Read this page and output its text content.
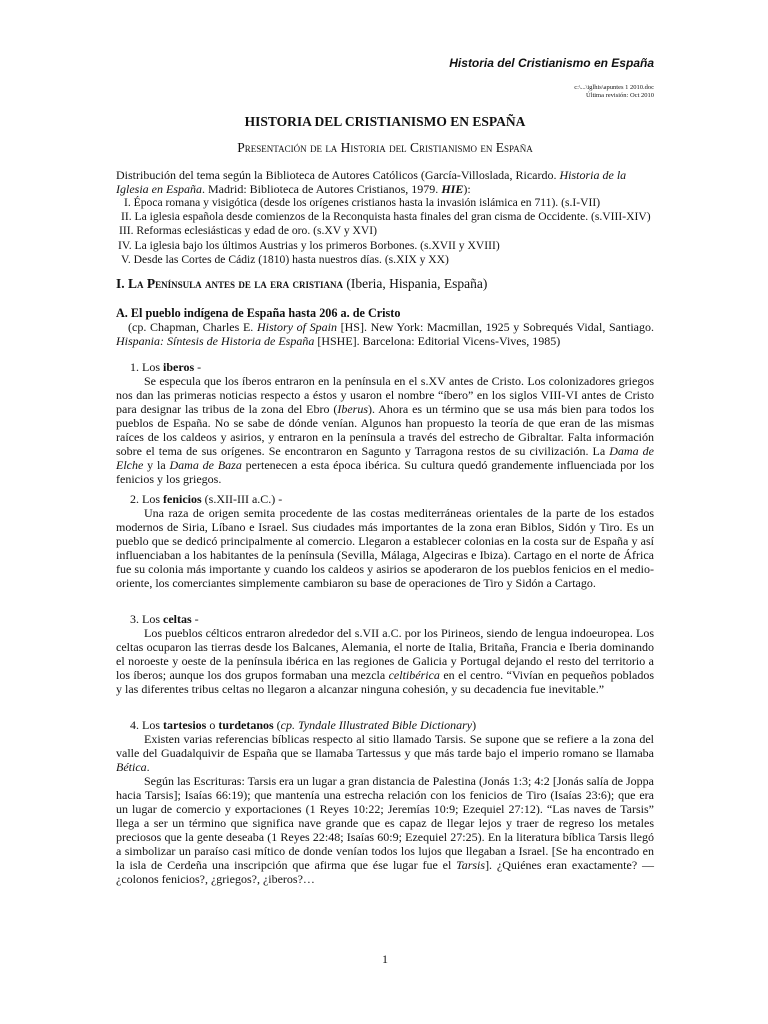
Historia del Cristianismo en España
c:\...\iglhis\apuntes 1 2010.doc
Última revisión: Oct 2010
HISTORIA DEL CRISTIANISMO EN ESPAÑA
Presentación de la Historia del Cristianismo en España
Distribución del tema según la Biblioteca de Autores Católicos (García-Villoslada, Ricardo. Historia de la Iglesia en España. Madrid: Biblioteca de Autores Cristianos, 1979. HIE):
I. Época romana y visigótica (desde los orígenes cristianos hasta la invasión islámica en 711). (s.I-VII)
II. La iglesia española desde comienzos de la Reconquista hasta finales del gran cisma de Occidente. (s.VIII-XIV)
III. Reformas eclesiásticas y edad de oro. (s.XV y XVI)
IV. La iglesia bajo los últimos Austrias y los primeros Borbones. (s.XVII y XVIII)
V. Desde las Cortes de Cádiz (1810) hasta nuestros días. (s.XIX y XX)
I. La Península antes de la era cristiana (Iberia, Hispania, España)
A. El pueblo indígena de España hasta 206 a. de Cristo
(cp. Chapman, Charles E. History of Spain [HS]. New York: Macmillan, 1925 y Sobrequés Vidal, Santiago. Hispania: Síntesis de Historia de España [HSHE]. Barcelona: Editorial Vicens-Vives, 1985)
1. Los iberos -

Se especula que los íberos entraron en la península en el s.XV antes de Cristo. Los colonizadores griegos nos dan las primeras noticias respecto a éstos y usaron el nombre “íbero” en los siglos VIII-VI antes de Cristo para designar las tribus de la zona del Ebro (Iberus). Ahora es un término que se usa más bien para todos los pueblos de España. No se sabe de dónde venían. Algunos han propuesto la teoría de que eran de las mismas raíces de los caldeos y asirios, y entraron en la península a través del estrecho de Gibraltar. Falta información sobre el tema de sus orígenes. Se encontraron en Sagunto y Tarragona restos de su civilización. La Dama de Elche y la Dama de Baza pertenecen a esta época ibérica. Su cultura quedó grandemente influenciada por los fenicios y los griegos.

2. Los fenicios (s.XII-III a.C.) -

Una raza de origen semita procedente de las costas mediterráneas orientales de la parte de los estados modernos de Siria, Líbano e Israel. Sus ciudades más importantes de la zona eran Biblos, Sidón y Tiro. Es un pueblo que se dedicó principalmente al comercio. Llegaron a establecer colonias en la costa sur de España y así influenciaban a los habitantes de la península (Sevilla, Málaga, Algeciras e Ibiza). Cartago en el norte de África fue su colonia más importante y cuando los caldeos y asirios se apoderaron de los pueblos fenicios en el medio-oriente, los comerciantes simplemente cambiaron su base de operaciones de Tiro y Sidón a Cartago.

3. Los celtas -

Los pueblos célticos entraron alrededor del s.VII a.C. por los Pirineos, siendo de lengua indoeuropea. Los celtas ocuparon las tierras desde los Balcanes, Alemania, el norte de Italia, Britaña, Francia e Iberia dominando el noroeste y oeste de la península ibérica en las regiones de Galicia y Portugal dejando el resto del territorio a los íberos; aunque los dos grupos formaban una mezcla celtibérica en el centro. “Vivían en pequeños poblados y las diferentes tribus celtas no llegaron a alcanzar ninguna cohesión, y su decadencia fue inevitable.”

4. Los tartesios o turdetanos (cp. Tyndale Illustrated Bible Dictionary)

Existen varias referencias bíblicas respecto al sitio llamado Tarsis. Se supone que se refiere a la zona del valle del Guadalquivir de España que se llamaba Tartessus y que más tarde bajo el imperio romano se llamaba Bética.

Según las Escrituras: Tarsis era un lugar a gran distancia de Palestina (Jonás 1:3; 4:2 [Jonás salía de Joppa hacia Tarsis]; Isaías 66:19); que mantenía una estrecha relación con los fenicios de Tiro (Isaías 23:6); que era un lugar de comercio y exportaciones (1 Reyes 10:22; Jeremías 10:9; Ezequiel 27:12). “Las naves de Tarsis” llega a ser un término que significa nave grande que es capaz de llegar lejos y traer de regreso los metales preciosos que la gente deseaba (1 Reyes 22:48; Isaías 60:9; Ezequiel 27:25). En la literatura bíblica Tarsis llegó a simbolizar un paraíso casi mítico de donde venían todos los lujos que llegaban a Israel. [Se ha encontrado en la isla de Cerdeña una inscripción que afirma que ése lugar fue el Tarsis]. ¿Quiénes eran exactamente? — ¿colonos fenicios?, ¿griegos?, ¿iberos?…

1
